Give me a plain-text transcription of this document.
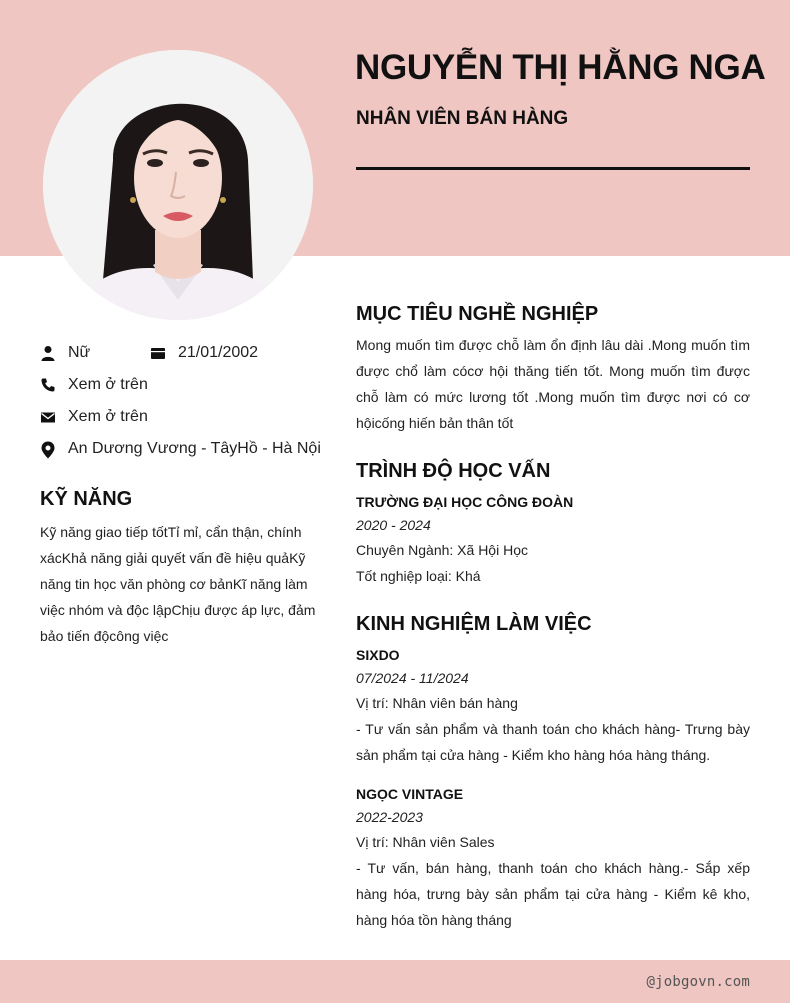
@jobgovn.com
NGUYỄN THỊ HẰNG NGA
NHÂN VIÊN BÁN HÀNG
Nữ	21/01/2002
Xem ở trên
Xem ở trên
An Dương Vương - TâyHồ - Hà Nội
KỸ NĂNG

Kỹ năng giao tiếp tốtTỉ mỉ, cẩn thận, chính xácKhả năng giải quyết vấn đề hiệu quảKỹ năng tin học văn phòng cơ bảnKĩ năng làm việc nhóm và độc lậpChịu được áp lực, đảm bảo tiến độcông việc

MỤC TIÊU NGHỀ NGHIỆP

Mong muốn tìm được chỗ làm ổn định lâu dài .Mong muốn tìm được chổ làm cócơ hội thăng tiến tốt. Mong muốn tìm được chỗ làm có mức lương tốt .Mong muốn tìm được nơi có cơ hộicống hiến bản thân tốt

TRÌNH ĐỘ HỌC VẤN

TRƯỜNG ĐẠI HỌC CÔNG ĐOÀN

2020 - 2024

Chuyên Ngành: Xã Hội Học

Tốt nghiệp loại: Khá

KINH NGHIỆM LÀM VIỆC

SIXDO

07/2024 - 11/2024

Vị trí: Nhân viên bán hàng

- Tư vấn sản phẩm và thanh toán cho khách hàng- Trưng bày sản phẩm tại cửa hàng - Kiểm kho hàng hóa hàng tháng.

NGỌC VINTAGE

2022-2023

Vị trí: Nhân viên Sales

- Tư vấn, bán hàng, thanh toán cho khách hàng.- Sắp xếp hàng hóa, trưng bày sản phẩm tại cửa hàng - Kiểm kê kho, hàng hóa tồn hàng tháng
